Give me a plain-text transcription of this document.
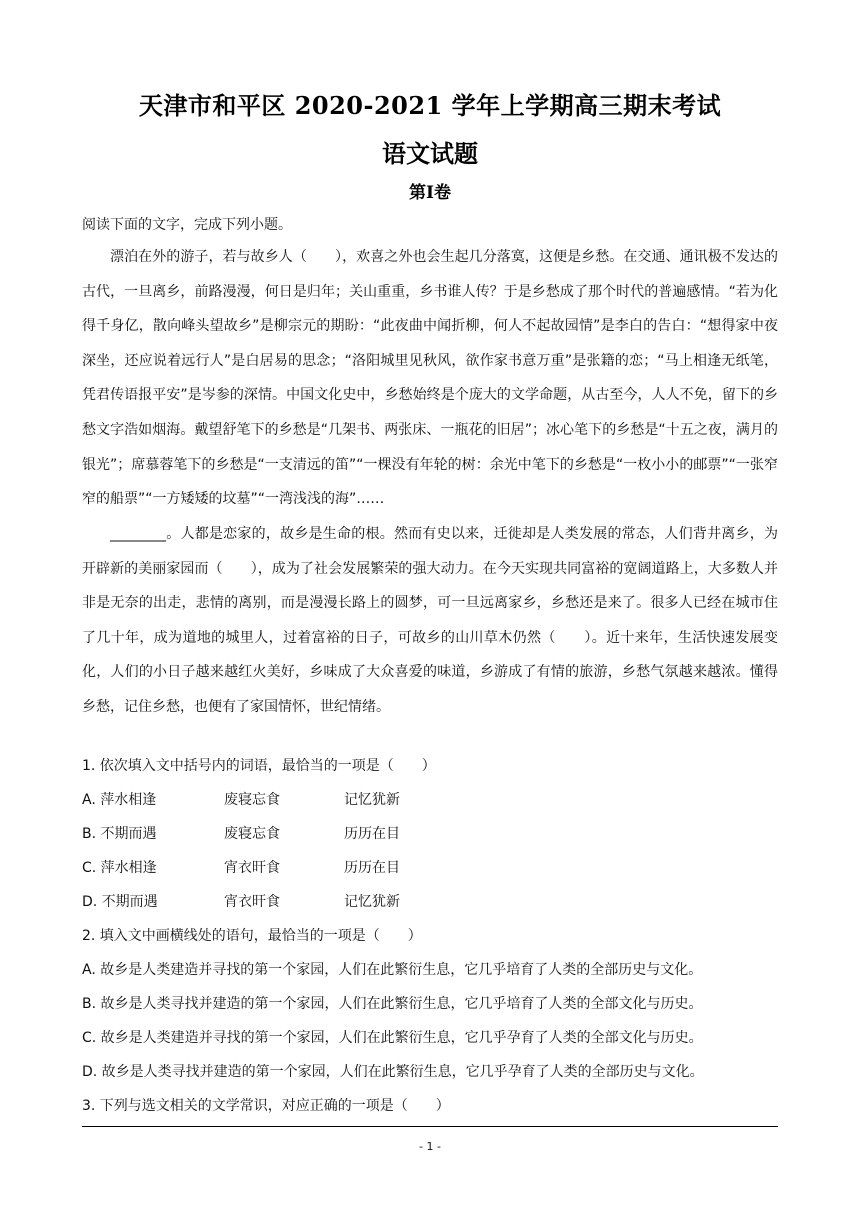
天津市和平区 2020-2021 学年上学期高三期末考试
语文试题
第Ⅰ卷
阅读下面的文字，完成下列小题。

漂泊在外的游子，若与故乡人（　　），欢喜之外也会生起几分落寞，这便是乡愁。在交通、通讯极不发达的古代，一旦离乡，前路漫漫，何日是归年；关山重重，乡书谁人传？于是乡愁成了那个时代的普遍感情。“若为化得千身亿，散向峰头望故乡”是柳宗元的期盼：“此夜曲中闻折柳，何人不起故园情”是李白的告白：“想得家中夜深坐，还应说着远行人”是白居易的思念；“洛阳城里见秋风，欲作家书意万重”是张籍的恋；“马上相逢无纸笔，凭君传语报平安”是岑参的深情。中国文化史中，乡愁始终是个庞大的文学命题，从古至今，人人不免，留下的乡愁文字浩如烟海。戴望舒笔下的乡愁是“几架书、两张床、一瓶花的旧居”；冰心笔下的乡愁是“十五之夜，满月的银光”；席慕蓉笔下的乡愁是“一支清远的笛”“一棵没有年轮的树：余光中笔下的乡愁是“一枚小小的邮票”“一张窄窄的船票”“一方矮矮的坟墓”“一湾浅浅的海”……

________。人都是恋家的，故乡是生命的根。然而有史以来，迁徙却是人类发展的常态，人们背井离乡，为开辟新的美丽家园而（　　），成为了社会发展繁荣的强大动力。在今天实现共同富裕的宽阔道路上，大多数人并非是无奈的出走，悲情的离别，而是漫漫长路上的圆梦，可一旦远离家乡，乡愁还是来了。很多人已经在城市住了几十年，成为道地的城里人，过着富裕的日子，可故乡的山川草木仍然（　　）。近十来年，生活快速发展变化，人们的小日子越来越红火美好，乡味成了大众喜爱的味道，乡游成了有情的旅游，乡愁气氛越来越浓。懂得乡愁，记住乡愁，也便有了家国情怀，世纪情绪。

1. 依次填入文中括号内的词语，最恰当的一项是（　　）
A. 萍水相逢	废寝忘食	记忆犹新
B. 不期而遇	废寝忘食	历历在目
C. 萍水相逢	宵衣旰食	历历在目
D. 不期而遇	宵衣旰食	记忆犹新
2. 填入文中画横线处的语句，最恰当的一项是（　　）
A. 故乡是人类建造并寻找的第一个家园，人们在此繁衍生息，它几乎培育了人类的全部历史与文化。
B. 故乡是人类寻找并建造的第一个家园，人们在此繁衍生息，它几乎培育了人类的全部文化与历史。
C. 故乡是人类建造并寻找的第一个家园，人们在此繁衍生息，它几乎孕育了人类的全部文化与历史。
D. 故乡是人类寻找并建造的第一个家园，人们在此繁衍生息，它几乎孕育了人类的全部历史与文化。
3. 下列与选文相关的文学常识，对应正确的一项是（　　）
- 1 -
